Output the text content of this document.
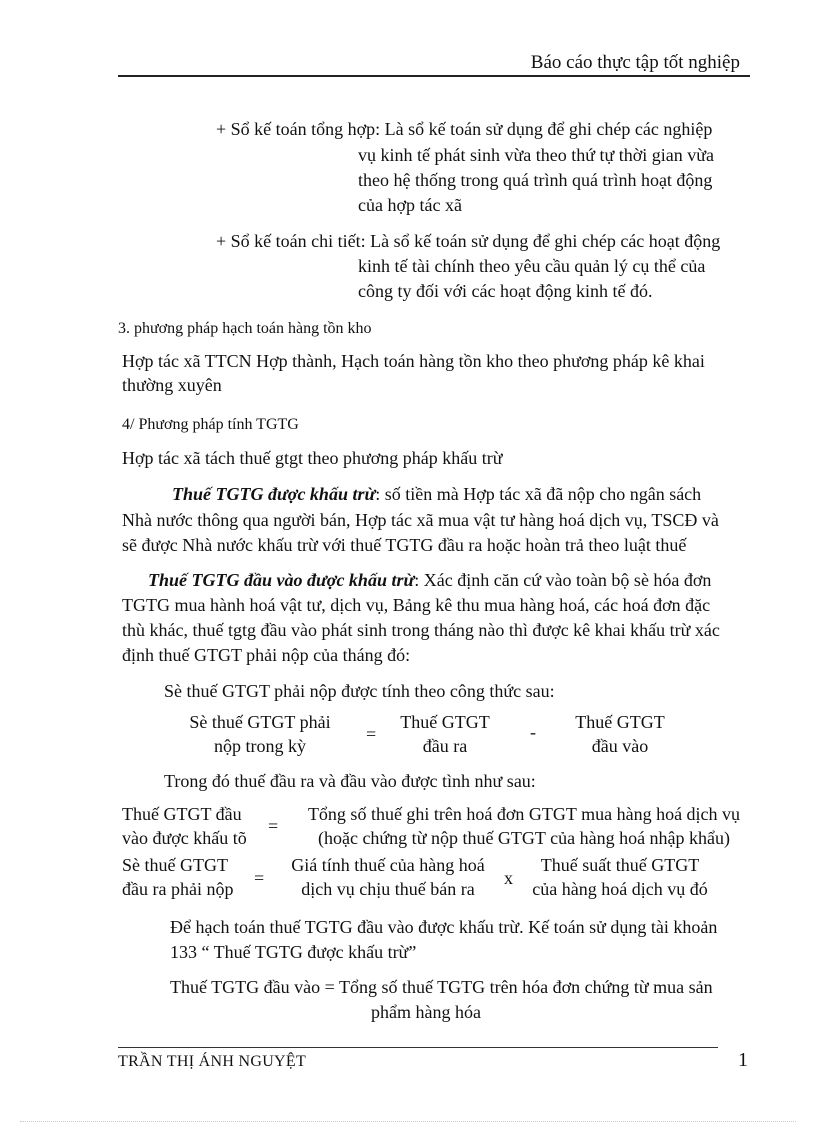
Báo cáo thực tập tốt nghiệp
+ Sổ kế toán tổng hợp: Là sổ kế toán sử dụng để ghi chép các nghiệp
vụ kinh tế phát sinh vừa theo thứ tự thời gian vừa
theo hệ thống trong quá trình quá trình hoạt động
của hợp tác xã
+ Sổ kế toán chi tiết: Là sổ kế toán sử dụng để ghi chép các hoạt động
kinh tế tài chính theo yêu cầu quản lý cụ thể của
công ty đối với các hoạt động kinh tế đó.
3. phương pháp hạch toán hàng tồn kho
Hợp tác xã TTCN Hợp thành, Hạch toán hàng tồn kho theo phương pháp kê khai
thường xuyên
4/ Phương pháp tính TGTG
Hợp tác xã tách thuế gtgt theo phương pháp khấu trừ
Thuế TGTG được khấu trừ: số tiền mà Hợp tác xã đã nộp cho ngân sách
Nhà nước thông qua người bán, Hợp tác xã mua vật tư hàng hoá dịch vụ, TSCĐ và
sẽ được Nhà nước khấu trừ với thuế TGTG đầu ra hoặc hoàn trả theo luật thuế
Thuế TGTG đầu vào được khấu trừ: Xác định căn cứ vào toàn bộ sè hóa đơn
TGTG mua hành hoá vật tư, dịch vụ, Bảng kê thu mua hàng hoá, các hoá đơn đặc
thù khác, thuế tgtg đầu vào phát sinh trong tháng nào thì được kê khai khấu trừ xác
định thuế GTGT phải nộp của tháng đó:
Sè thuế GTGT phải nộp được tính theo công thức sau:
Sè thuế GTGT phải
nộp trong kỳ
=
Thuế GTGT
đầu ra
-	Thuế GTGT
đầu vào
Trong đó thuế đầu ra và đầu vào được tình như sau:
Thuế GTGT đầu
vào được khấu tõ
=
Tổng số thuế ghi trên hoá đơn GTGT mua hàng hoá dịch vụ
(hoặc chứng từ nộp thuế GTGT của hàng hoá nhập khẩu)
Sè thuế GTGT
đầu ra phải nộp
=
Giá tính thuế của hàng hoá
dịch vụ chịu thuế bán ra
x
Thuế suất thuế GTGT
của hàng hoá dịch vụ đó
Để hạch toán thuế TGTG đầu vào được khấu trừ. Kế toán sử dụng tài khoản
133 “ Thuế TGTG được khấu trừ”
Thuế TGTG đầu vào = Tổng số thuế TGTG trên hóa đơn chứng từ mua sản
phẩm hàng hóa
TRẦN THỊ ÁNH NGUYỆT	1
